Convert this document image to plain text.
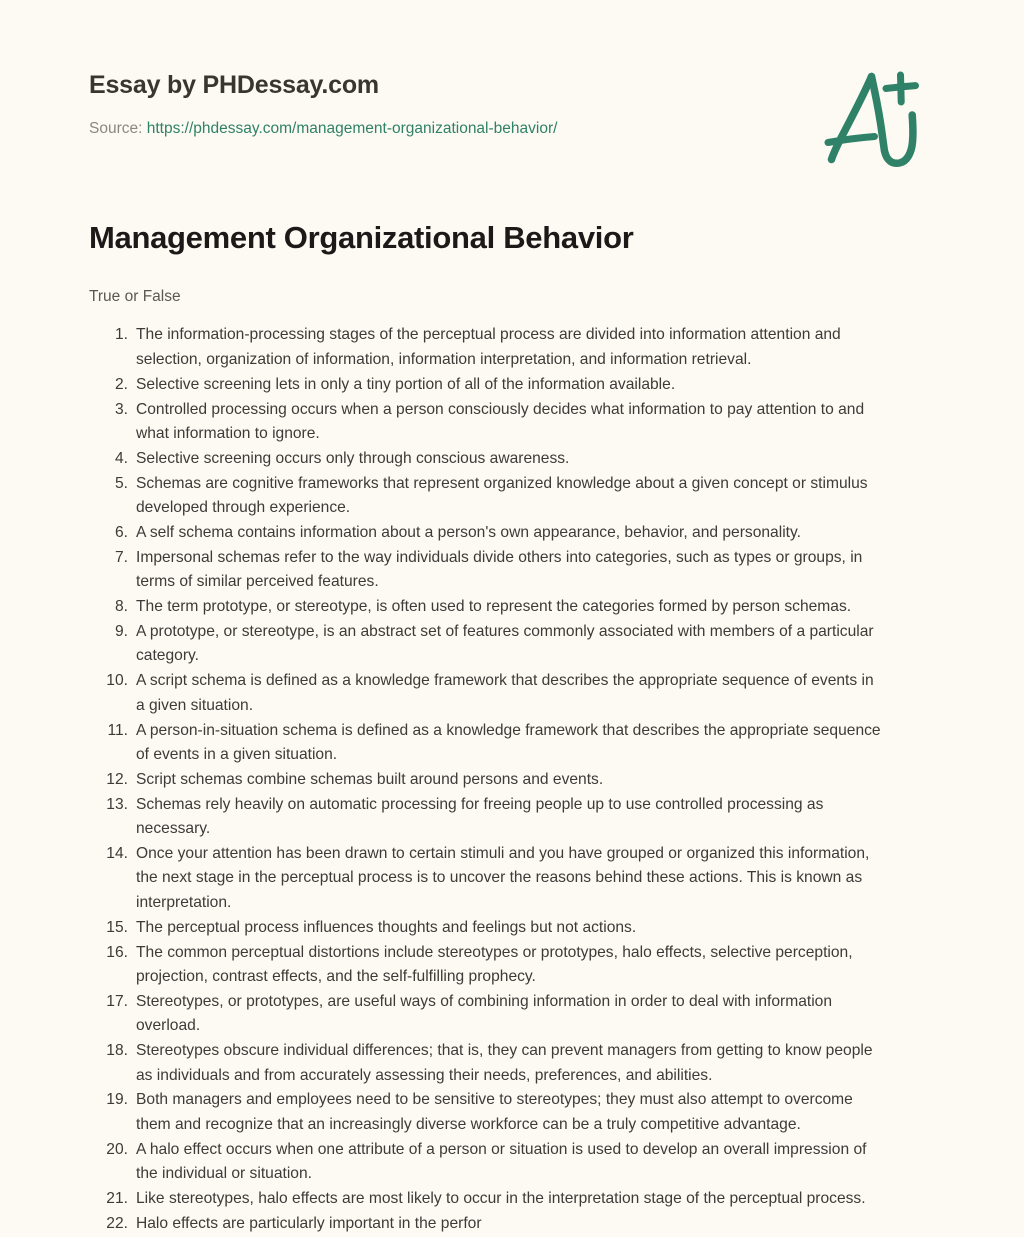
Essay by PHDessay.com
Source: https://phdessay.com/management-organizational-behavior/
Management Organizational Behavior

True or False

The information-processing stages of the perceptual process are divided into information attention and selection, organization of information, information interpretation, and information retrieval.
Selective screening lets in only a tiny portion of all of the information available.
Controlled processing occurs when a person consciously decides what information to pay attention to and what information to ignore.
Selective screening occurs only through conscious awareness.
Schemas are cognitive frameworks that represent organized knowledge about a given concept or stimulus developed through experience.
A self schema contains information about a person's own appearance, behavior, and personality.
Impersonal schemas refer to the way individuals divide others into categories, such as types or groups, in terms of similar perceived features.
The term prototype, or stereotype, is often used to represent the categories formed by person schemas.
A prototype, or stereotype, is an abstract set of features commonly associated with members of a particular category.
A script schema is defined as a knowledge framework that describes the appropriate sequence of events in a given situation.
A person-in-situation schema is defined as a knowledge framework that describes the appropriate sequence of events in a given situation.
Script schemas combine schemas built around persons and events.
Schemas rely heavily on automatic processing for freeing people up to use controlled processing as necessary.
Once your attention has been drawn to certain stimuli and you have grouped or organized this information, the next stage in the perceptual process is to uncover the reasons behind these actions. This is known as interpretation.
The perceptual process influences thoughts and feelings but not actions.
The common perceptual distortions include stereotypes or prototypes, halo effects, selective perception, projection, contrast effects, and the self-fulfilling prophecy.
Stereotypes, or prototypes, are useful ways of combining information in order to deal with information overload.
Stereotypes obscure individual differences; that is, they can prevent managers from getting to know people as individuals and from accurately assessing their needs, preferences, and abilities.
Both managers and employees need to be sensitive to stereotypes; they must also attempt to overcome them and recognize that an increasingly diverse workforce can be a truly competitive advantage.
A halo effect occurs when one attribute of a person or situation is used to develop an overall impression of the individual or situation.
Like stereotypes, halo effects are most likely to occur in the interpretation stage of the perceptual process.
Halo effects are particularly important in the perfor
